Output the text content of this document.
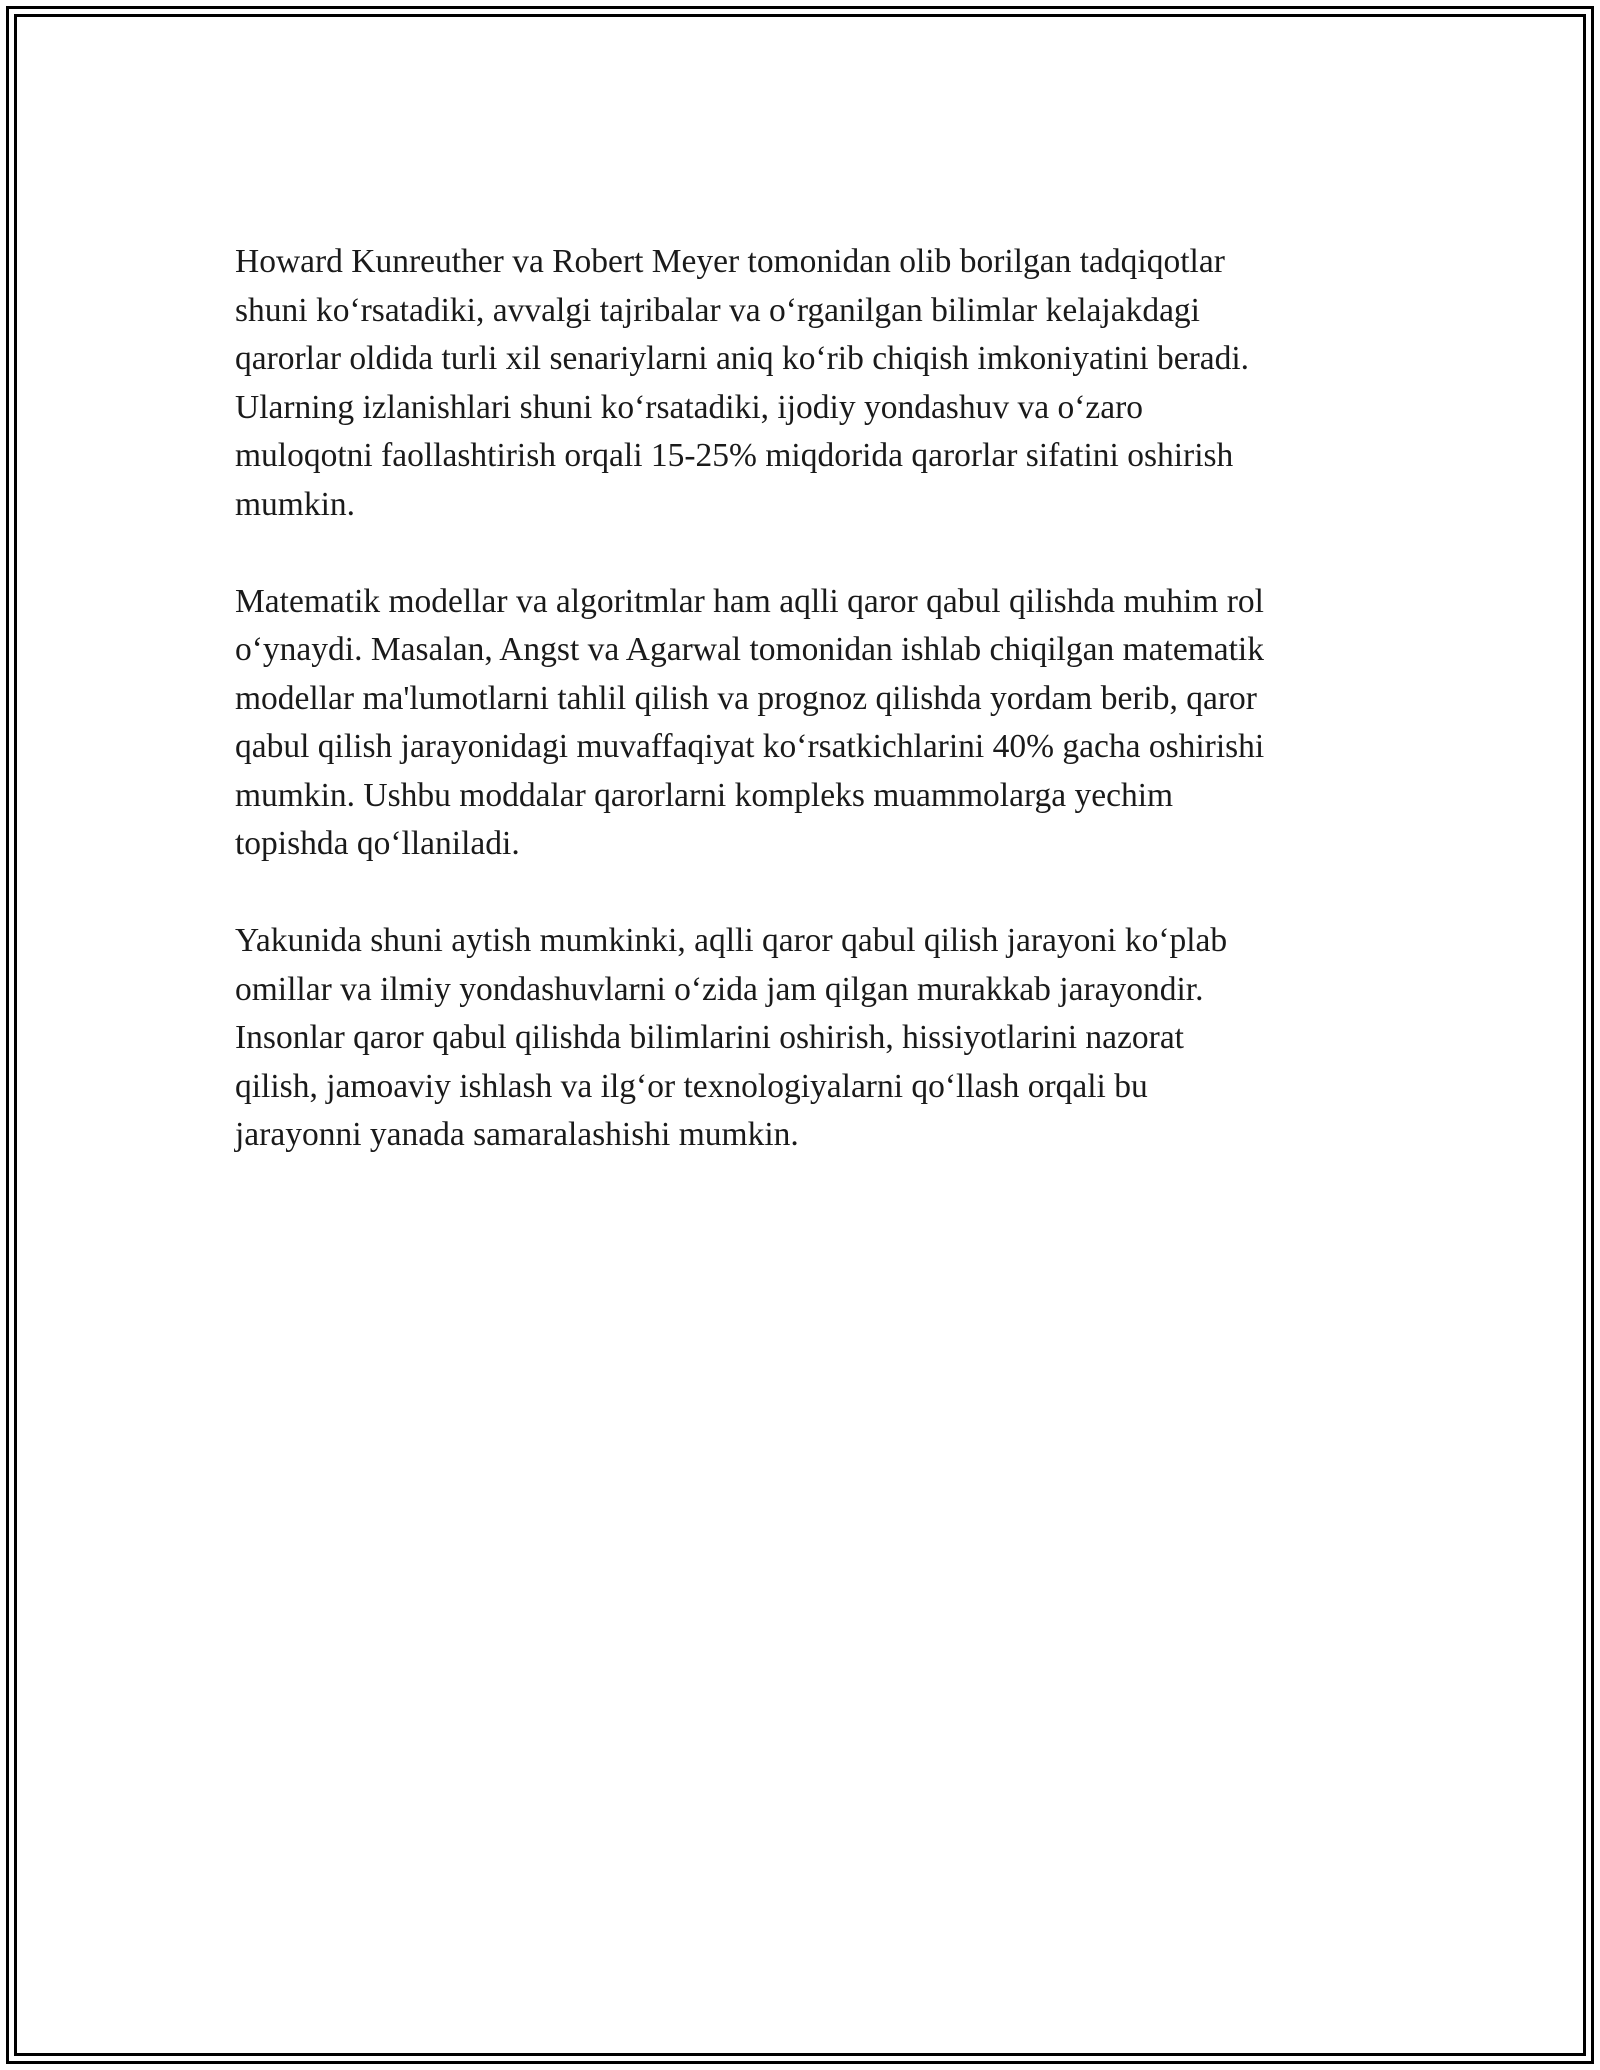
Howard Kunreuther va Robert Meyer tomonidan olib borilgan tadqiqotlar
shuni ko‘rsatadiki, avvalgi tajribalar va o‘rganilgan bilimlar kelajakdagi
qarorlar oldida turli xil senariylarni aniq ko‘rib chiqish imkoniyatini beradi.
Ularning izlanishlari shuni ko‘rsatadiki, ijodiy yondashuv va o‘zaro
muloqotni faollashtirish orqali 15-25% miqdorida qarorlar sifatini oshirish
mumkin.

Matematik modellar va algoritmlar ham aqlli qaror qabul qilishda muhim rol
o‘ynaydi. Masalan, Angst va Agarwal tomonidan ishlab chiqilgan matematik
modellar ma'lumotlarni tahlil qilish va prognoz qilishda yordam berib, qaror
qabul qilish jarayonidagi muvaffaqiyat ko‘rsatkichlarini 40% gacha oshirishi
mumkin. Ushbu moddalar qarorlarni kompleks muammolarga yechim
topishda qo‘llaniladi.

Yakunida shuni aytish mumkinki, aqlli qaror qabul qilish jarayoni ko‘plab
omillar va ilmiy yondashuvlarni o‘zida jam qilgan murakkab jarayondir.
Insonlar qaror qabul qilishda bilimlarini oshirish, hissiyotlarini nazorat
qilish, jamoaviy ishlash va ilg‘or texnologiyalarni qo‘llash orqali bu
jarayonni yanada samaralashishi mumkin.
